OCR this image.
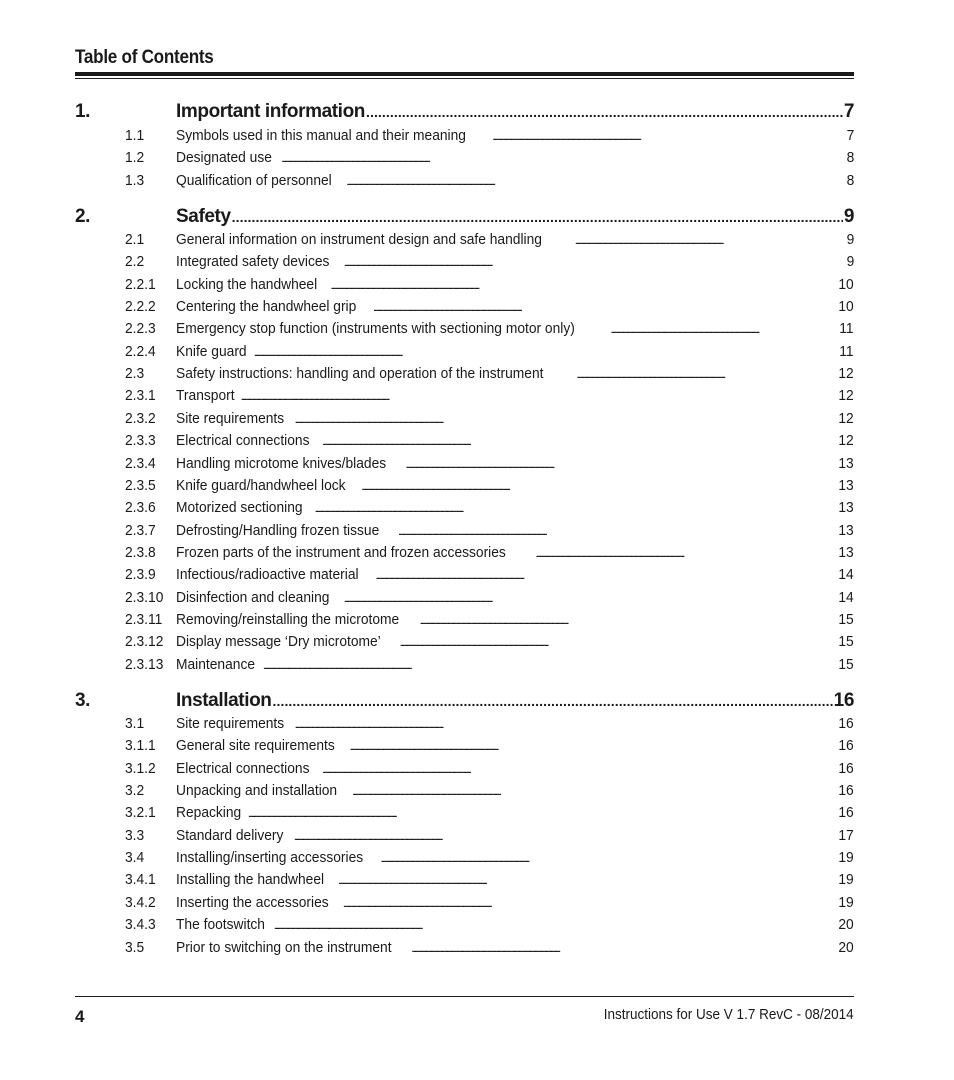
Table of Contents
1.	Important information . . .	7
1.1 Symbols used in this manual and their meaning . . .	7
1.2 Designated use . . .	8
1.3 Qualification of personnel . . .	8
2.	Safety . . .	9
2.1 General information on instrument design and safe handling . . .	9
2.2 Integrated safety devices . . .	9
2.2.1 Locking the handwheel . . .	10
2.2.2 Centering the handwheel grip . . .	10
2.2.3 Emergency stop function (instruments with sectioning motor only) . . .	11
2.2.4 Knife guard . . .	11
2.3 Safety instructions: handling and operation of the instrument . . .	12
2.3.1 Transport . . .	12
2.3.2 Site requirements . . .	12
2.3.3 Electrical connections . . .	12
2.3.4 Handling microtome knives/blades . . .	13
2.3.5 Knife guard/handwheel lock . . .	13
2.3.6 Motorized sectioning . . .	13
2.3.7 Defrosting/Handling frozen tissue . . .	13
2.3.8 Frozen parts of the instrument and frozen accessories . . .	13
2.3.9 Infectious/radioactive material . . .	14
2.3.10 Disinfection and cleaning . . .	14
2.3.11 Removing/reinstalling the microtome . . .	15
2.3.12 Display message ‘Dry microtome’ . . .	15
2.3.13 Maintenance . . .	15
3.	Installation . . .	16
3.1 Site requirements . . .	16
3.1.1 General site requirements . . .	16
3.1.2 Electrical connections . . .	16
3.2 Unpacking and installation . . .	16
3.2.1 Repacking . . .	16
3.3 Standard delivery . . .	17
3.4 Installing/inserting accessories . . .	19
3.4.1 Installing the handwheel . . .	19
3.4.2 Inserting the accessories . . .	19
3.4.3 The footswitch . . .	20
3.5 Prior to switching on the instrument . . .	20
4	Instructions for Use V 1.7 RevC - 08/2014
